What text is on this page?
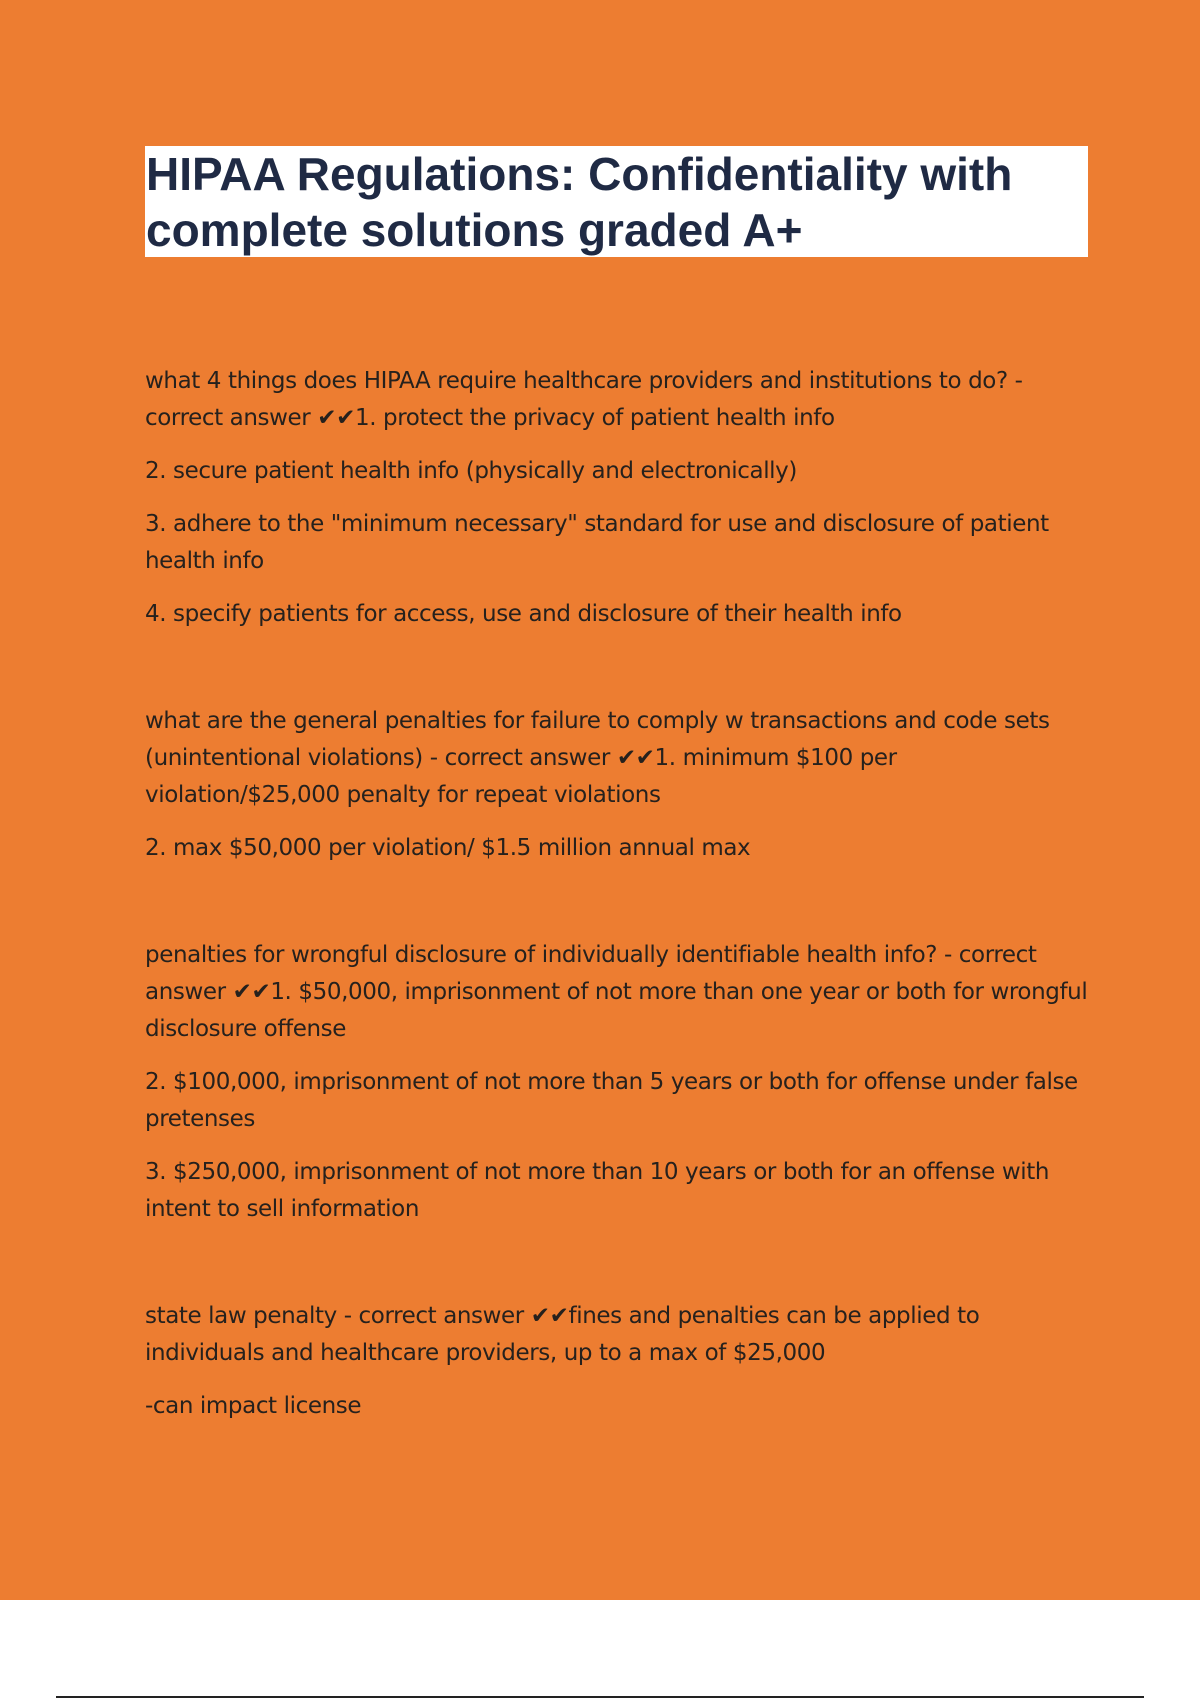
HIPAA Regulations: Confidentiality with complete solutions graded A+

what 4 things does HIPAA require healthcare providers and institutions to do? - correct answer ✔✔1. protect the privacy of patient health info

2. secure patient health info (physically and electronically)

3. adhere to the "minimum necessary" standard for use and disclosure of patient health info

4. specify patients for access, use and disclosure of their health info

what are the general penalties for failure to comply w transactions and code sets (unintentional violations) - correct answer ✔✔1. minimum $100 per violation/$25,000 penalty for repeat violations

2. max $50,000 per violation/ $1.5 million annual max

penalties for wrongful disclosure of individually identifiable health info? - correct answer ✔✔1. $50,000, imprisonment of not more than one year or both for wrongful disclosure offense

2. $100,000, imprisonment of not more than 5 years or both for offense under false pretenses

3. $250,000, imprisonment of not more than 10 years or both for an offense with intent to sell information

state law penalty - correct answer ✔✔fines and penalties can be applied to individuals and healthcare providers, up to a max of $25,000

-can impact license
